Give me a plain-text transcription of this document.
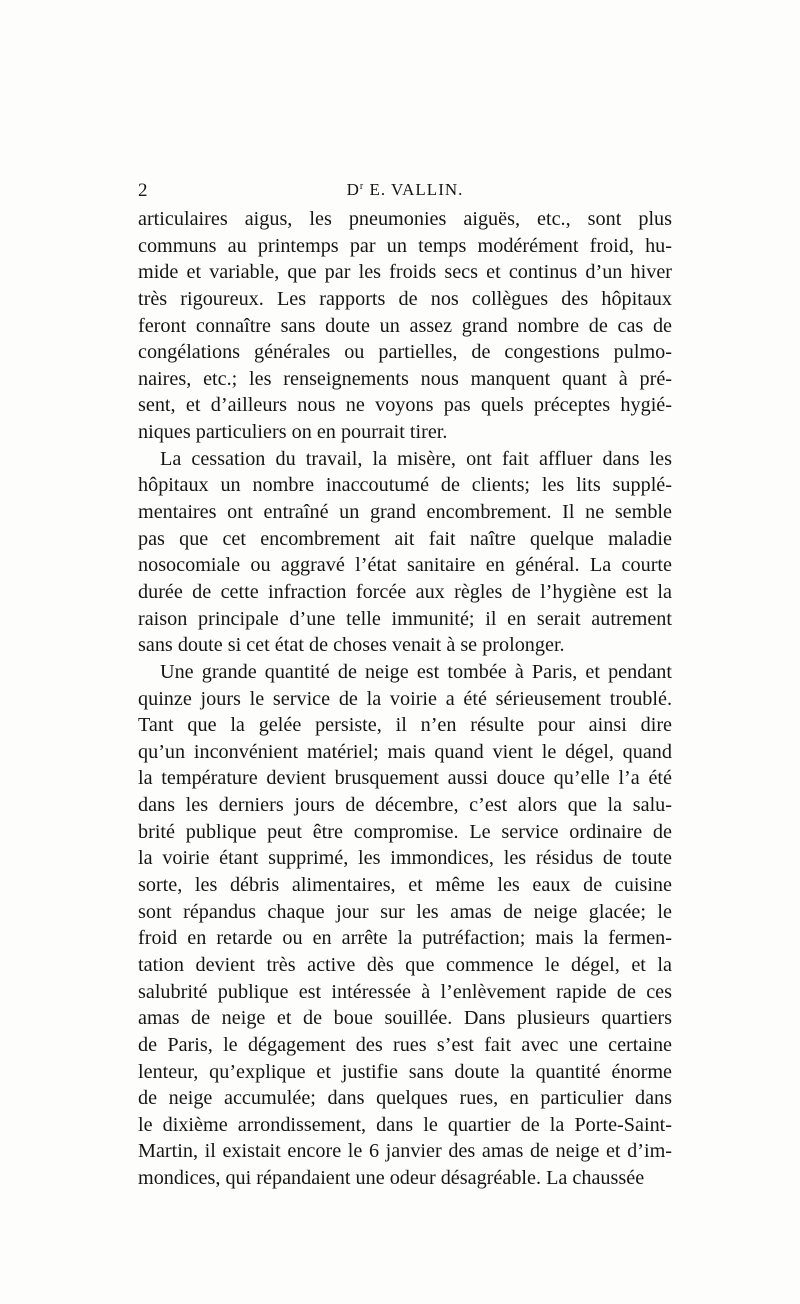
2	$D^r$ E. VALLIN.
articulaires aigus, les pneumonies aiguës, etc., sont plus
communs au printemps par un temps modérément froid, hu-
mide et variable, que par les froids secs et continus d’un hiver
très rigoureux. Les rapports de nos collègues des hôpitaux
feront connaître sans doute un assez grand nombre de cas de
congélations générales ou partielles, de congestions pulmo-
naires, etc.; les renseignements nous manquent quant à pré-
sent, et d’ailleurs nous ne voyons pas quels préceptes hygié-
niques particuliers on en pourrait tirer.
La cessation du travail, la misère, ont fait affluer dans les
hôpitaux un nombre inaccoutumé de clients; les lits supplé-
mentaires ont entraîné un grand encombrement. Il ne semble
pas que cet encombrement ait fait naître quelque maladie
nosocomiale ou aggravé l’état sanitaire en général. La courte
durée de cette infraction forcée aux règles de l’hygiène est la
raison principale d’une telle immunité; il en serait autrement
sans doute si cet état de choses venait à se prolonger.
Une grande quantité de neige est tombée à Paris, et pendant
quinze jours le service de la voirie a été sérieusement troublé.
Tant que la gelée persiste, il n’en résulte pour ainsi dire
qu’un inconvénient matériel; mais quand vient le dégel, quand
la température devient brusquement aussi douce qu’elle l’a été
dans les derniers jours de décembre, c’est alors que la salu-
brité publique peut être compromise. Le service ordinaire de
la voirie étant supprimé, les immondices, les résidus de toute
sorte, les débris alimentaires, et même les eaux de cuisine
sont répandus chaque jour sur les amas de neige glacée; le
froid en retarde ou en arrête la putréfaction; mais la fermen-
tation devient très active dès que commence le dégel, et la
salubrité publique est intéressée à l’enlèvement rapide de ces
amas de neige et de boue souillée. Dans plusieurs quartiers
de Paris, le dégagement des rues s’est fait avec une certaine
lenteur, qu’explique et justifie sans doute la quantité énorme
de neige accumulée; dans quelques rues, en particulier dans
le dixième arrondissement, dans le quartier de la Porte-Saint-
Martin, il existait encore le 6 janvier des amas de neige et d’im-
mondices, qui répandaient une odeur désagréable. La chaussée
